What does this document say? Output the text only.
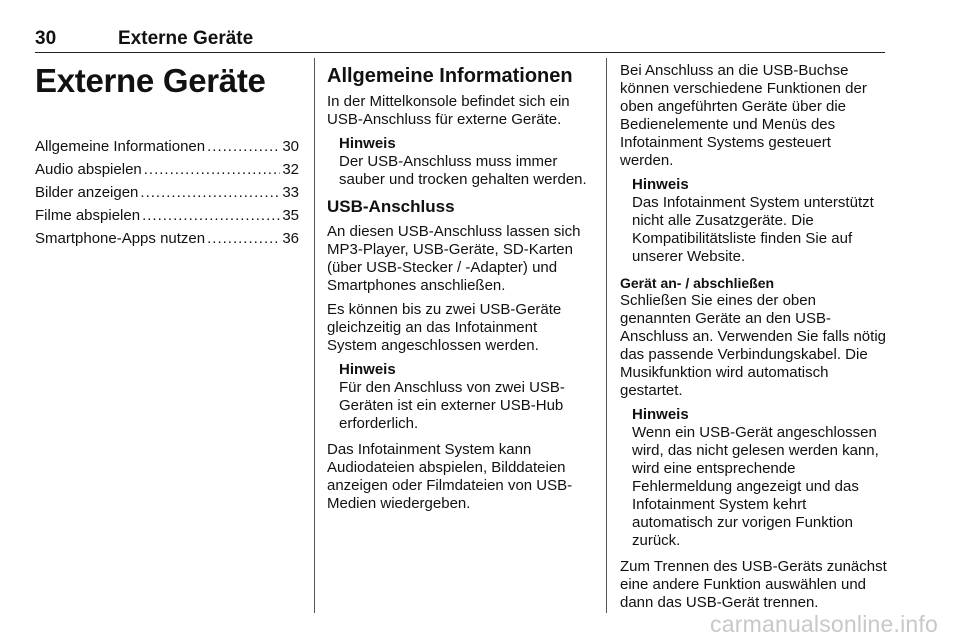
30	Externe Geräte
Externe Geräte
Allgemeine Informationen .....	30
Audio abspielen .....	32
Bilder anzeigen .....	33
Filme abspielen .....	35
Smartphone-Apps nutzen .....	36
Allgemeine Informationen

In der Mittelkonsole befindet sich ein USB-Anschluss für externe Geräte.

Hinweis
Der USB-Anschluss muss immer sauber und trocken gehalten werden.
USB-Anschluss

An diesen USB-Anschluss lassen sich MP3-Player, USB-Geräte, SD-Karten (über USB-Stecker / -Adapter) und Smartphones anschließen.

Es können bis zu zwei USB-Geräte gleichzeitig an das Infotainment System angeschlossen werden.

Hinweis
Für den Anschluss von zwei USB-Geräten ist ein externer USB-Hub erforderlich.

Das Infotainment System kann Audiodateien abspielen, Bilddateien anzeigen oder Filmdateien von USB-Medien wiedergeben.

Bei Anschluss an die USB-Buchse können verschiedene Funktionen der oben angeführten Geräte über die Bedienelemente und Menüs des Infotainment Systems gesteuert werden.

Hinweis
Das Infotainment System unterstützt nicht alle Zusatzgeräte. Die Kompatibilitätsliste finden Sie auf unserer Website.
Gerät an- / abschließen

Schließen Sie eines der oben genannten Geräte an den USB-Anschluss an. Verwenden Sie falls nötig das passende Verbindungskabel. Die Musikfunktion wird automatisch gestartet.

Hinweis
Wenn ein USB-Gerät angeschlossen wird, das nicht gelesen werden kann, wird eine entsprechende Fehlermeldung angezeigt und das Infotainment System kehrt automatisch zur vorigen Funktion zurück.

Zum Trennen des USB-Geräts zunächst eine andere Funktion auswählen und dann das USB-Gerät trennen.

carmanualsonline.info
